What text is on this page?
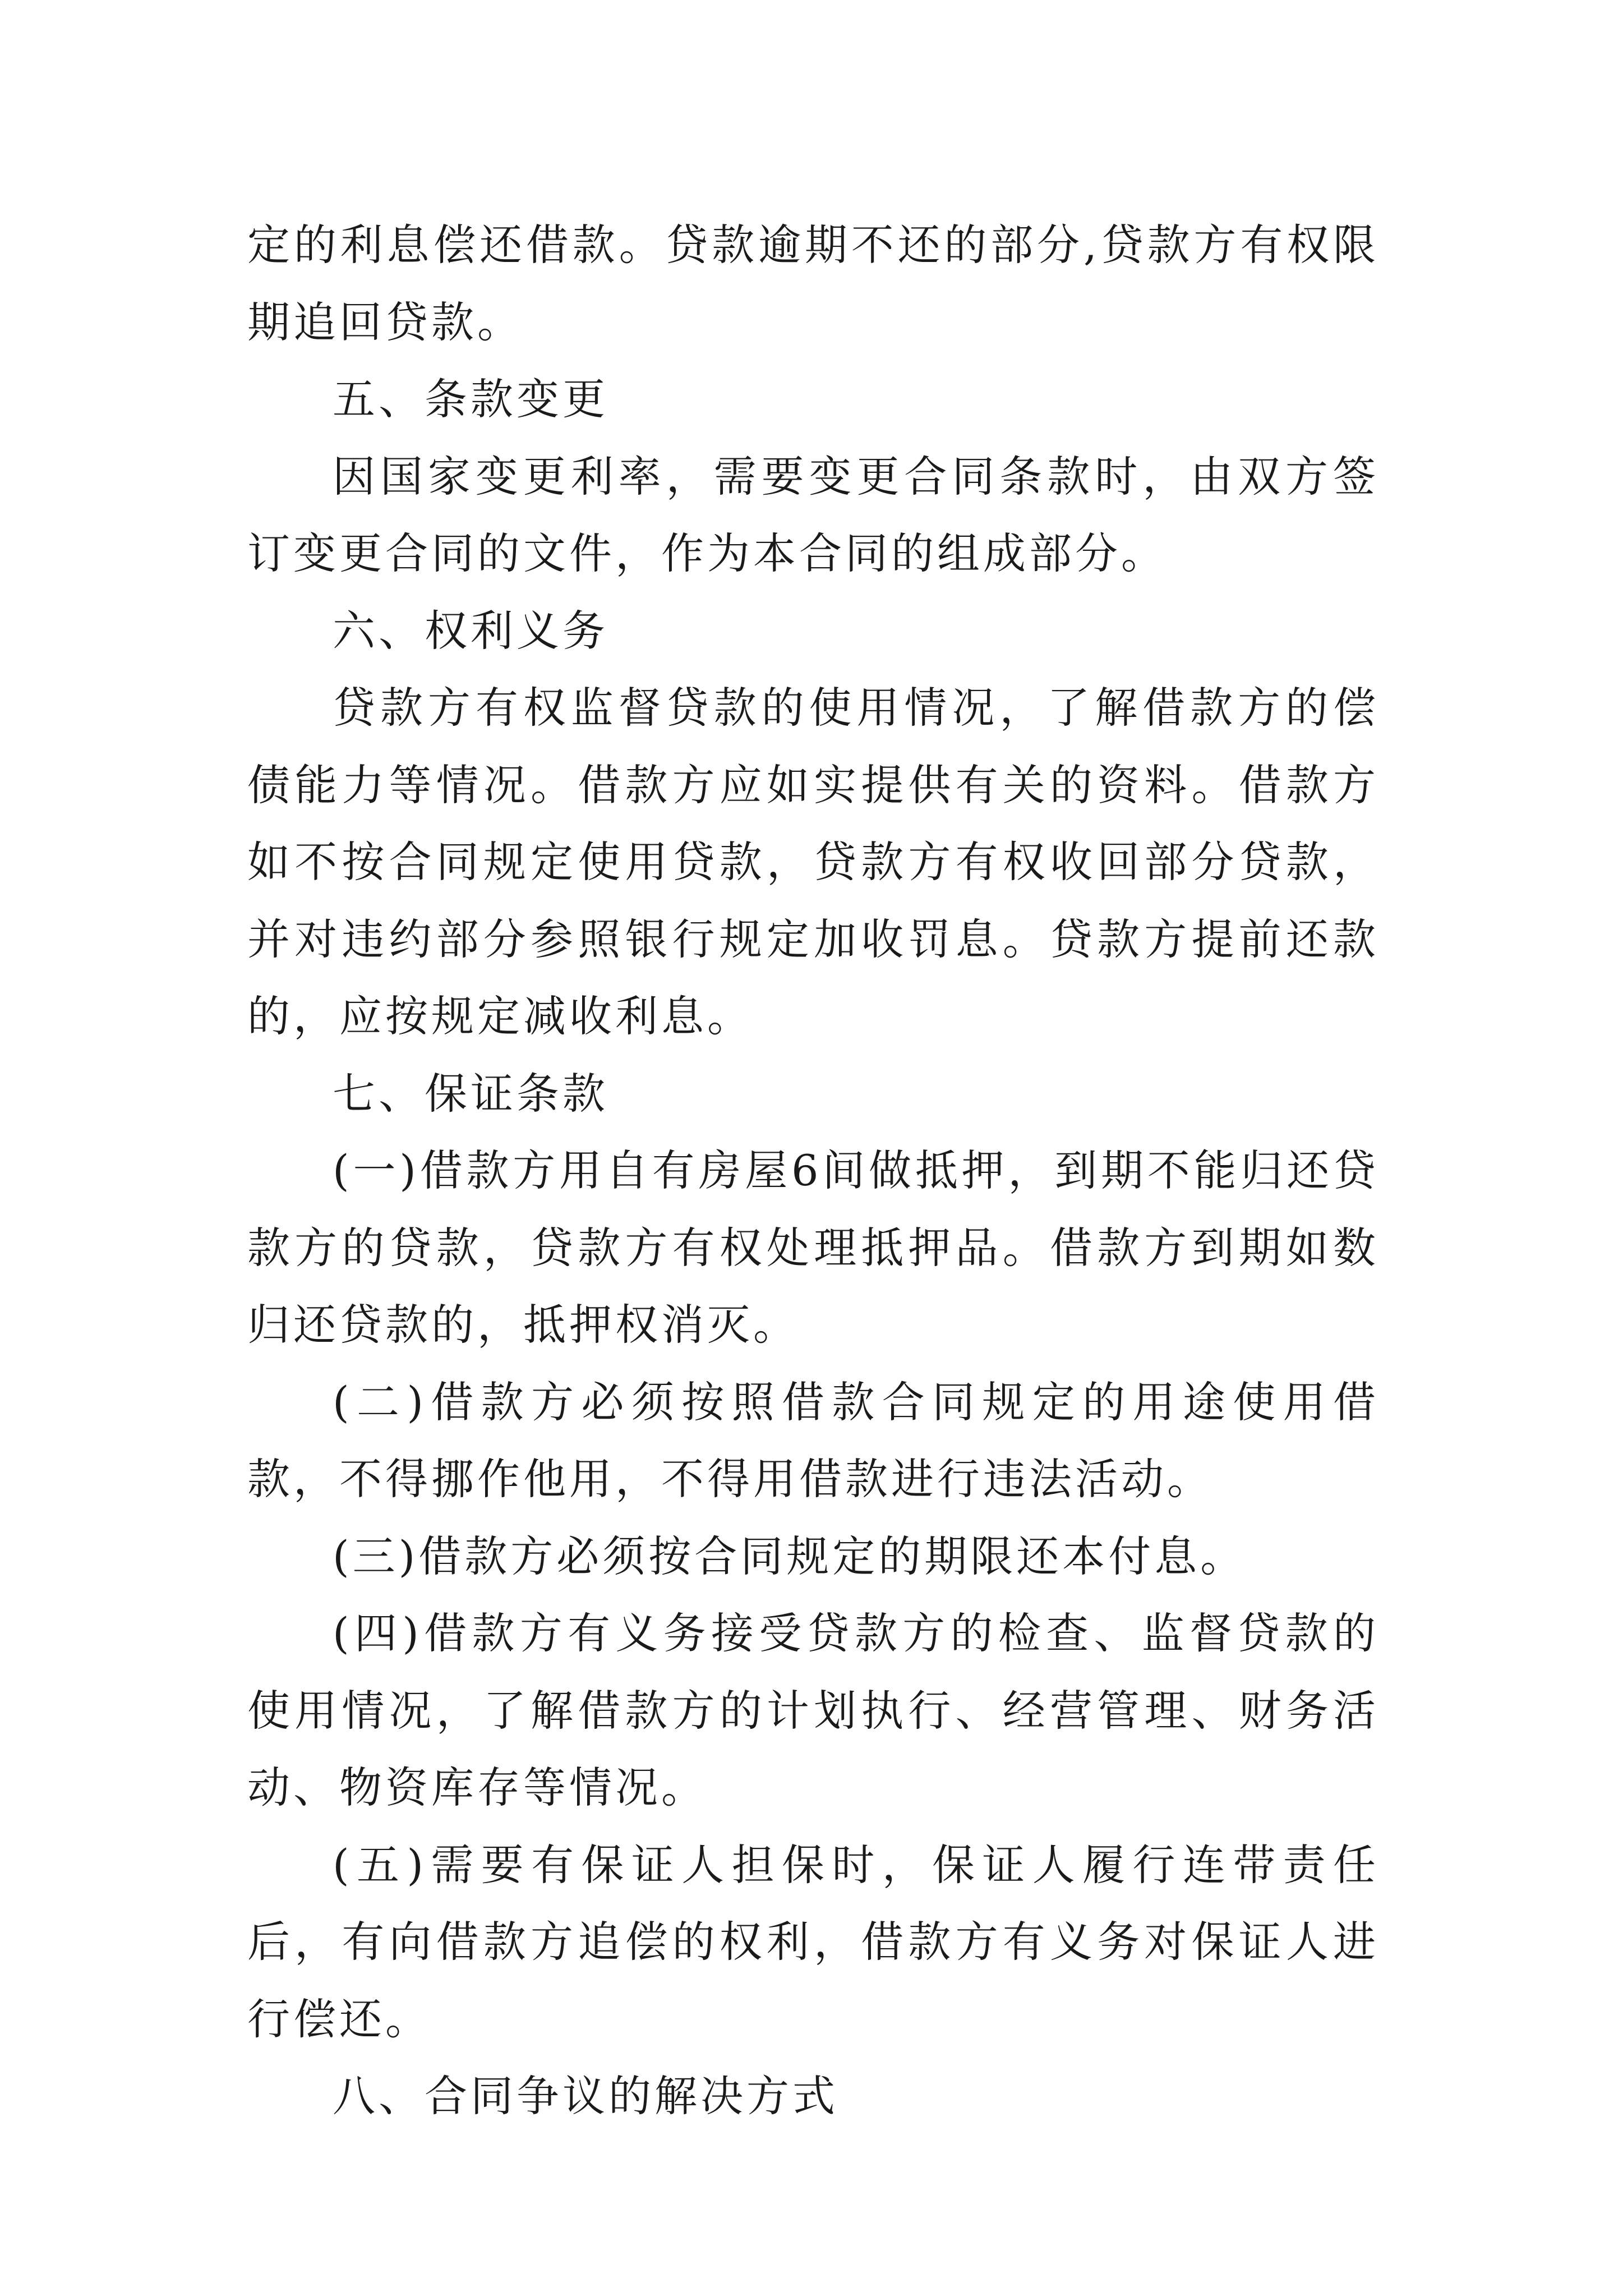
定的利息偿还借款。贷款逾期不还的部分,贷款方有权限期追回贷款。

五、条款变更

因国家变更利率，需要变更合同条款时，由双方签订变更合同的文件，作为本合同的组成部分。

六、权利义务

贷款方有权监督贷款的使用情况，了解借款方的偿债能力等情况。借款方应如实提供有关的资料。借款方如不按合同规定使用贷款，贷款方有权收回部分贷款，并对违约部分参照银行规定加收罚息。贷款方提前还款的，应按规定减收利息。

七、保证条款

(一)借款方用自有房屋6间做抵押，到期不能归还贷款方的贷款，贷款方有权处理抵押品。借款方到期如数归还贷款的，抵押权消灭。

(二)借款方必须按照借款合同规定的用途使用借款，不得挪作他用，不得用借款进行违法活动。

(三)借款方必须按合同规定的期限还本付息。

(四)借款方有义务接受贷款方的检查、监督贷款的使用情况，了解借款方的计划执行、经营管理、财务活动、物资库存等情况。

(五)需要有保证人担保时，保证人履行连带责任后，有向借款方追偿的权利，借款方有义务对保证人进行偿还。

八、合同争议的解决方式
